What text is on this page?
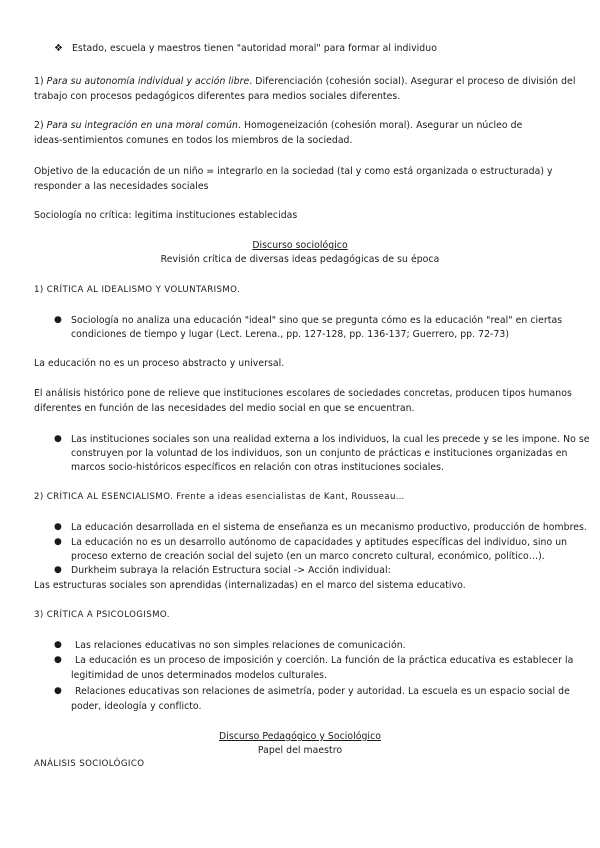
❖ Estado, escuela y maestros tienen "autoridad moral" para formar al individuo

1) Para su autonomía individual y acción libre. Diferenciación (cohesión social). Asegurar el proceso de división del

trabajo con procesos pedagógicos diferentes para medios sociales diferentes.

2) Para su integración en una moral común. Homogeneización (cohesión moral). Asegurar un núcleo de

ideas-sentimientos comunes en todos los miembros de la sociedad.

Objetivo de la educación de un niño = integrarlo en la sociedad (tal y como está organizada o estructurada) y

responder a las necesidades sociales

Sociología no crítica: legitima instituciones establecidas

Discurso sociológico

Revisión crítica de diversas ideas pedagógicas de su época

1) CRÍTICA AL IDEALISMO Y VOLUNTARISMO.

● Sociología no analiza una educación "ideal" sino que se pregunta cómo es la educación "real" en ciertas

condiciones de tiempo y lugar (Lect. Lerena., pp. 127-128, pp. 136-137; Guerrero, pp. 72-73)

La educación no es un proceso abstracto y universal.

El análisis histórico pone de relieve que instituciones escolares de sociedades concretas, producen tipos humanos

diferentes en función de las necesidades del medio social en que se encuentran.

● Las instituciones sociales son una realidad externa a los individuos, la cual les precede y se les impone. No se

construyen por la voluntad de los individuos, son un conjunto de prácticas e instituciones organizadas en

marcos socio-históricos específicos en relación con otras instituciones sociales.

2) CRÍTICA AL ESENCIALISMO. Frente a ideas esencialistas de Kant, Rousseau…

● La educación desarrollada en el sistema de enseñanza es un mecanismo productivo, producción de hombres.

● La educación no es un desarrollo autónomo de capacidades y aptitudes específicas del individuo, sino un

proceso externo de creación social del sujeto (en un marco concreto cultural, económico, político…).

● Durkheim subraya la relación Estructura social -> Acción individual:

Las estructuras sociales son aprendidas (internalizadas) en el marco del sistema educativo.

3) CRÍTICA A PSICOLOGISMO.

● Las relaciones educativas no son simples relaciones de comunicación.

● La educación es un proceso de imposición y coerción. La función de la práctica educativa es establecer la

legitimidad de unos determinados modelos culturales.

● Relaciones educativas son relaciones de asimetría, poder y autoridad. La escuela es un espacio social de

poder, ideología y conflicto.

Discurso Pedagógico y Sociológico

Papel del maestro

ANÁLISIS SOCIOLÓGICO
